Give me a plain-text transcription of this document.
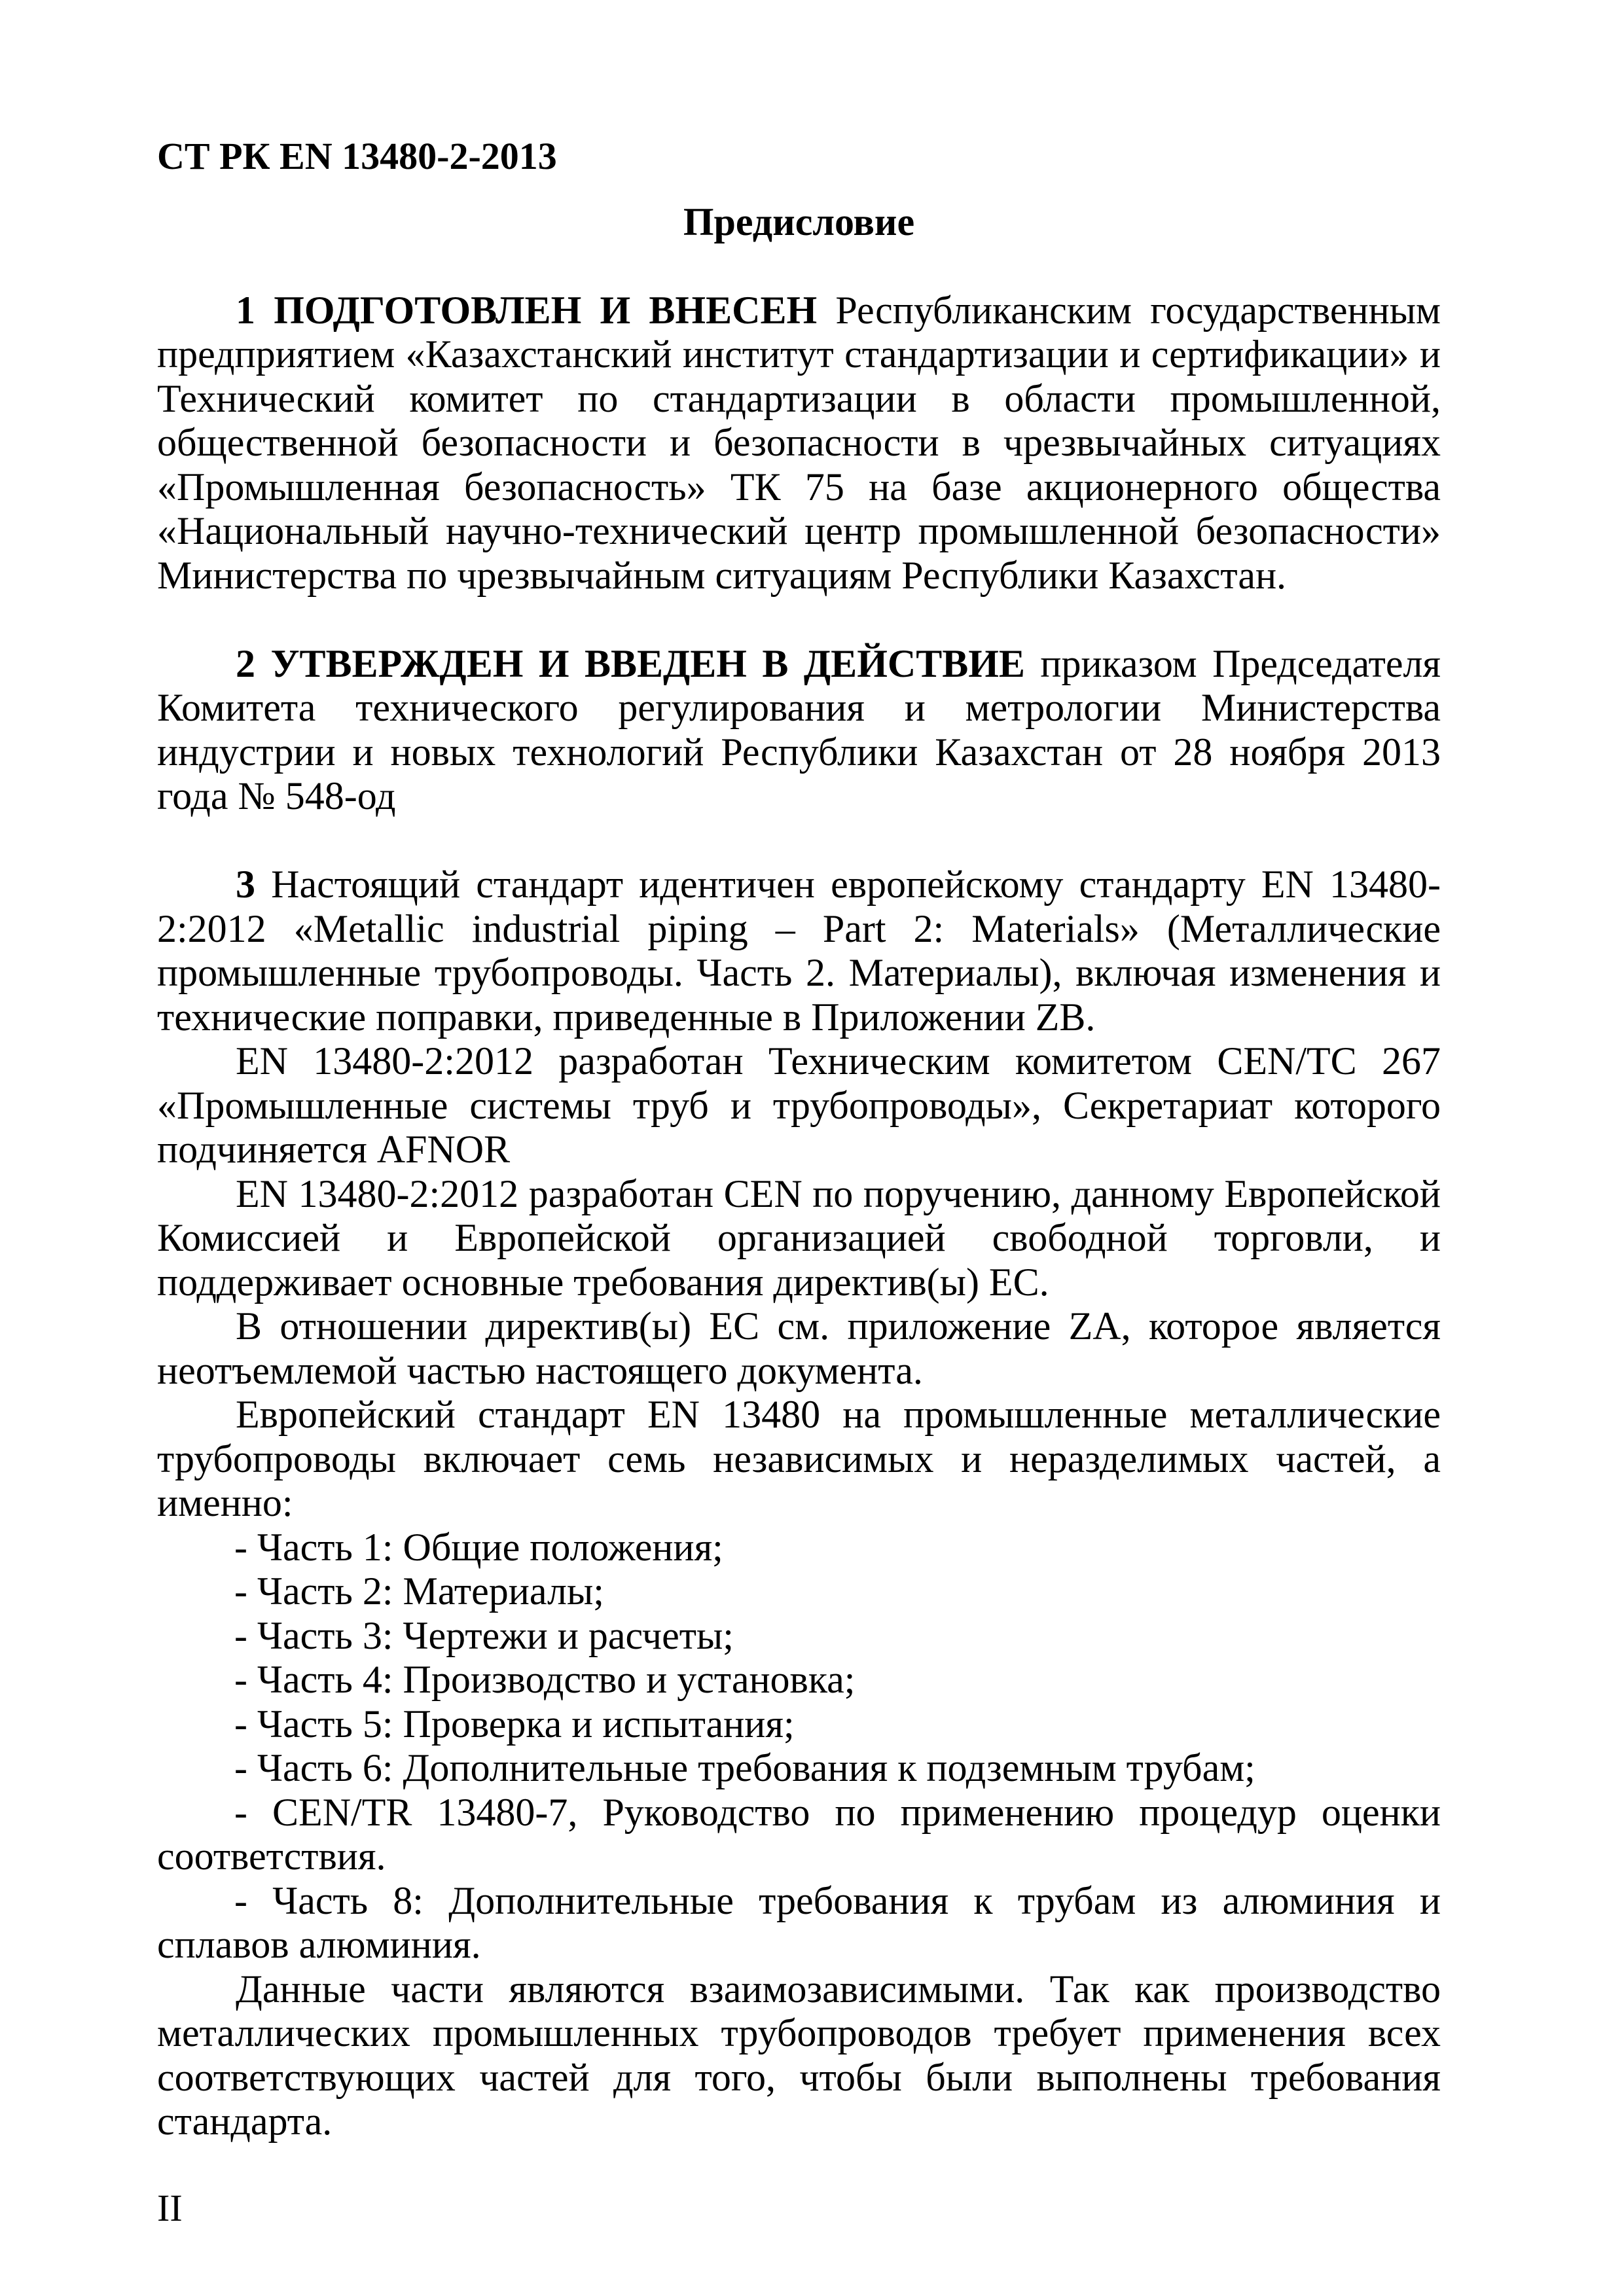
СТ РК EN 13480-2-2013
Предисловие

1 ПОДГОТОВЛЕН И ВНЕСЕН Республиканским государственным предприятием «Казахстанский институт стандартизации и сертификации» и Технический комитет по стандартизации в области промышленной, общественной безопасности и безопасности в чрезвычайных ситуациях «Промышленная безопасность» ТК 75 на базе акционерного общества «Национальный научно-технический центр промышленной безопасности» Министерства по чрезвычайным ситуациям Республики Казахстан.

2 УТВЕРЖДЕН И ВВЕДЕН В ДЕЙСТВИЕ приказом Председателя Комитета технического регулирования и метрологии Министерства индустрии и новых технологий Республики Казахстан от 28 ноября 2013 года № 548-од

3 Настоящий стандарт идентичен европейскому стандарту EN 13480-2:2012 «Metallic industrial piping – Part 2: Materials» (Металлические промышленные трубопроводы. Часть 2. Материалы), включая изменения и технические поправки, приведенные в Приложении ZB.

EN 13480-2:2012 разработан Техническим комитетом CEN/TC 267 «Промышленные системы труб и трубопроводы», Секретариат которого подчиняется AFNOR

EN 13480-2:2012 разработан CEN по поручению, данному Европейской Комиссией и Европейской организацией свободной торговли, и поддерживает основные требования директив(ы) ЕС.

В отношении директив(ы) ЕС см. приложение ZA, которое является неотъемлемой частью настоящего документа.

Европейский стандарт EN 13480 на промышленные металлические трубопроводы включает семь независимых и неразделимых частей, а именно:

- Часть 1: Общие положения;
- Часть 2: Материалы;
- Часть 3: Чертежи и расчеты;
- Часть 4: Производство и установка;
- Часть 5: Проверка и испытания;
- Часть 6: Дополнительные требования к подземным трубам;
- CEN/TR 13480-7, Руководство по применению процедур оценки соответствия.
- Часть 8: Дополнительные требования к трубам из алюминия и сплавов алюминия.

Данные части являются взаимозависимыми. Так как производство металлических промышленных трубопроводов требует применения всех соответствующих частей для того, чтобы были выполнены требования стандарта.

II
